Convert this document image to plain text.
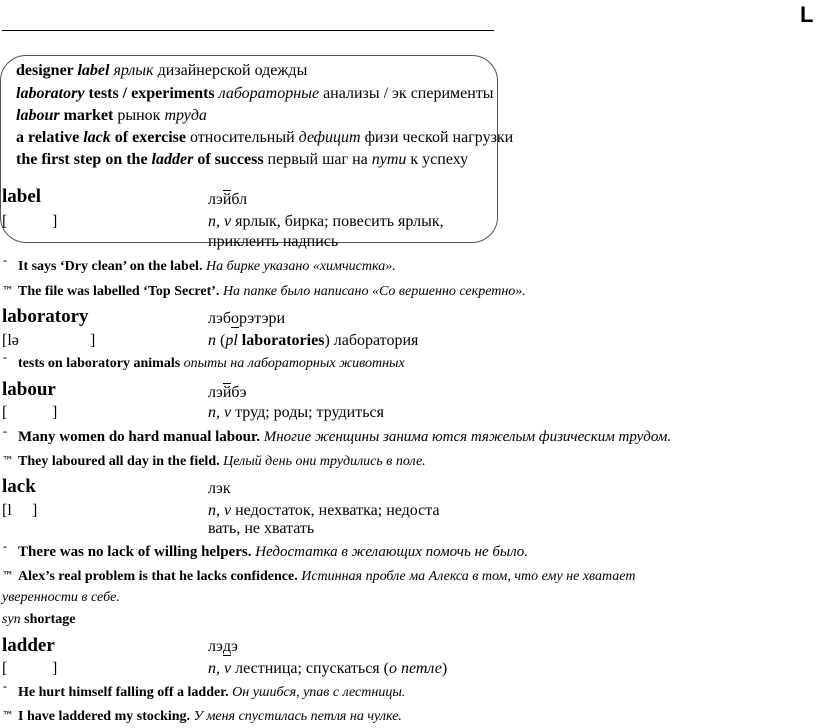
L
designer label ярлык дизайнерской одежды
laboratory tests / experiments лабораторные анализы / эк сперименты
labour market рынок труда
a relative lack of exercise относительный дефицит физи ческой нагрузки
the first step on the ladder of success первый шаг на пути к успеху
label	лэйбл
[	]	n, v ярлык, бирка; повесить ярлык,
приклеить надпись
ˉ It says ‘Dry clean’ on the label. На бирке указано «химчистка».
™ The file was labelled ‘Top Secret’. На папке было написано «Со вершенно секретно».
laboratory	лэборэтэри
[lə	]	n (pl laboratories) лаборатория
ˉ tests on laboratory animals опыты на лабораторных животных
labour	лэйбэ
[	]	n, v труд; роды; трудиться
ˉ Many women do hard manual labour. Многие женщины занима ются тяжелым физическим трудом.
™ They laboured all day in the field. Целый день они трудились в поле.
lack	лэк
[l ]	n, v недостаток, нехватка; недоста
вать, не хватать
ˉ There was no lack of willing helpers. Недостатка в желающих помочь не было.
™ Alex’s real problem is that he lacks confidence. Истинная пробле ма Алекса в том, что ему не хватает
уверенности в себе.
syn shortage
ladder	лэдэ
[	]	n, v лестница; спускаться (о петле)
ˉ He hurt himself falling off a ladder. Он ушибся, упав с лестницы.
™ I have laddered my stocking. У меня спустилась петля на чулке.
